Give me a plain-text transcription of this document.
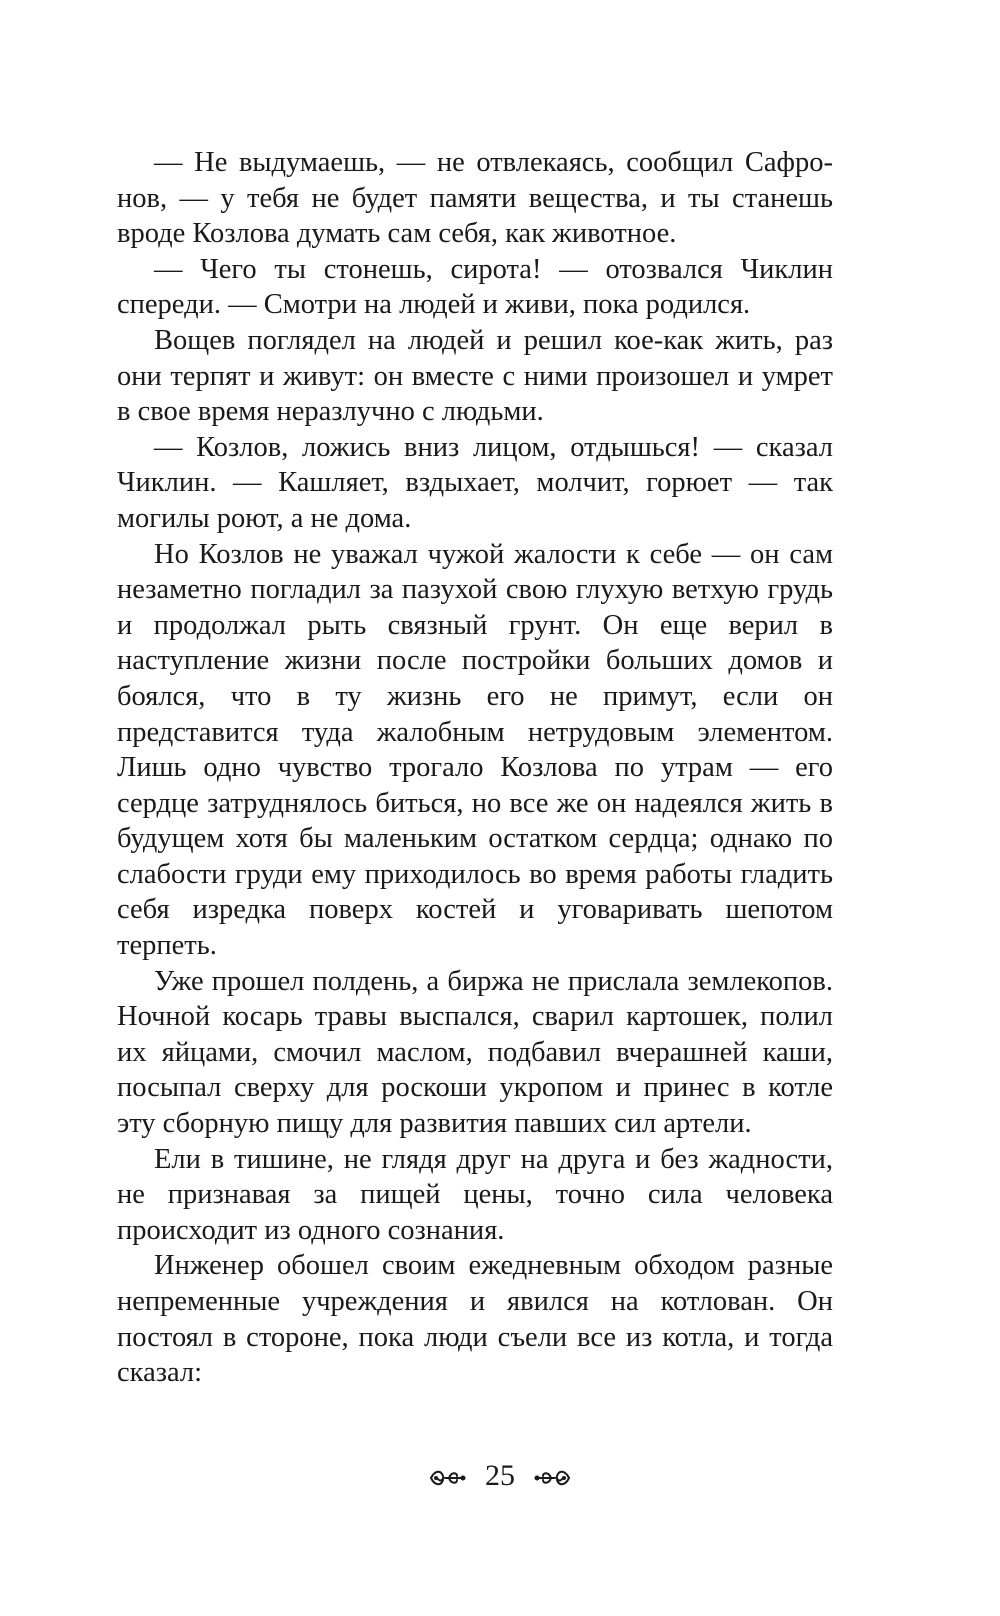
— Не выдумаешь, — не отвлекаясь, сообщил Сафронов, — у тебя не будет памяти вещества, и ты станешь вроде Козлова думать сам себя, как животное.

— Чего ты стонешь, сирота! — отозвался Чиклин спереди. — Смотри на людей и живи, пока родился.

Вощев поглядел на людей и решил кое-как жить, раз они терпят и живут: он вместе с ними произошел и умрет в свое время неразлучно с людьми.

— Козлов, ложись вниз лицом, отдышься! — сказал Чиклин. — Кашляет, вздыхает, молчит, горюет — так могилы роют, а не дома.

Но Козлов не уважал чужой жалости к себе — он сам незаметно погладил за пазухой свою глухую ветхую грудь и продолжал рыть связный грунт. Он еще верил в наступление жизни после постройки больших домов и боялся, что в ту жизнь его не примут, если он представится туда жалобным нетрудовым элементом. Лишь одно чувство трогало Козлова по утрам — его сердце затруднялось биться, но все же он надеялся жить в будущем хотя бы маленьким остатком сердца; однако по слабости груди ему приходилось во время работы гладить себя изредка поверх костей и уговаривать шепотом терпеть.

Уже прошел полдень, а биржа не прислала землекопов. Ночной косарь травы выспался, сварил картошек, полил их яйцами, смочил маслом, подбавил вчерашней каши, посыпал сверху для роскоши укропом и принес в котле эту сборную пищу для развития павших сил артели.

Ели в тишине, не глядя друг на друга и без жадности, не признавая за пищей цены, точно сила человека происходит из одного сознания.

Инженер обошел своим ежедневным обходом разные непременные учреждения и явился на котлован. Он постоял в стороне, пока люди съели все из котла, и тогда сказал:

25
